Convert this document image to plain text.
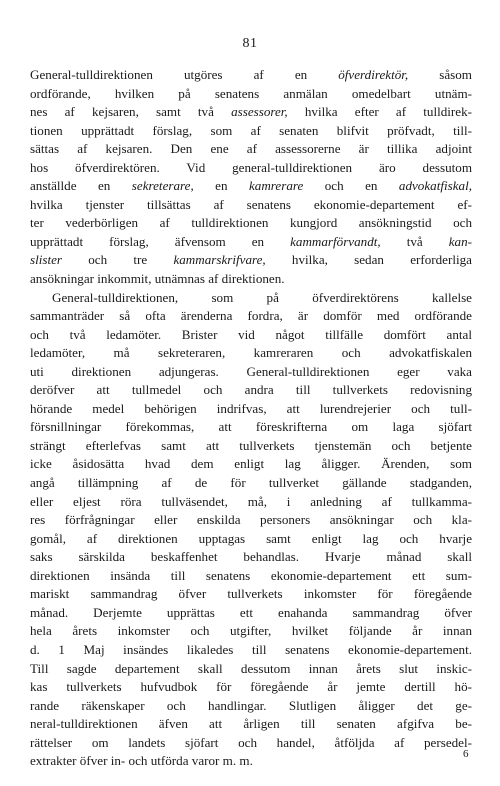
81
General-tulldirektionen utgöres af en öfverdirektör, såsom
ordförande, hvilken på senatens anmälan omedelbart utnäm-
nes af kejsaren, samt två assessorer, hvilka efter af tulldirek-
tionen upprättadt förslag, som af senaten blifvit pröfvadt, till-
sättas af kejsaren. Den ene af assessorerne är tillika adjoint
hos öfverdirektören. Vid general-tulldirektionen äro dessutom
anställde en sekreterare, en kamrerare och en advokatfiskal,
hvilka tjenster tillsättas af senatens ekonomie-departement ef-
ter vederbörligen af tulldirektionen kungjord ansökningstid och
upprättadt förslag, äfvensom en kammarförvandt, två kan-
slister och tre kammarskrifvare, hvilka, sedan erforderliga
ansökningar inkommit, utnämnas af direktionen.
General-tulldirektionen, som på öfverdirektörens kallelse
sammanträder så ofta ärenderna fordra, är domför med ordförande
och två ledamöter. Brister vid något tillfälle domfört antal
ledamöter, må sekreteraren, kamreraren och advokatfiskalen
uti direktionen adjungeras. General-tulldirektionen eger vaka
deröfver att tullmedel och andra till tullverkets redovisning
hörande medel behörigen indrifvas, att lurendrejerier och tull-
försnillningar förekommas, att föreskrifterna om laga sjöfart
strängt efterlefvas samt att tullverkets tjenstemän och betjente
icke åsidosätta hvad dem enligt lag åligger. Ärenden, som
angå tillämpning af de för tullverket gällande stadganden,
eller eljest röra tullväsendet, må, i anledning af tullkamma-
res förfrågningar eller enskilda personers ansökningar och kla-
gomål, af direktionen upptagas samt enligt lag och hvarje
saks särskilda beskaffenhet behandlas. Hvarje månad skall
direktionen insända till senatens ekonomie-departement ett sum-
mariskt sammandrag öfver tullverkets inkomster för föregående
månad. Derjemte upprättas ett enahanda sammandrag öfver
hela årets inkomster och utgifter, hvilket följande år innan
d. 1 Maj insändes likaledes till senatens ekonomie-departement.
Till sagde departement skall dessutom innan årets slut inskic-
kas tullverkets hufvudbok för föregående år jemte dertill hö-
rande räkenskaper och handlingar. Slutligen åligger det ge-
neral-tulldirektionen äfven att årligen till senaten afgifva be-
rättelser om landets sjöfart och handel, åtföljda af persedel-
extrakter öfver in- och utförda varor m. m.	6
